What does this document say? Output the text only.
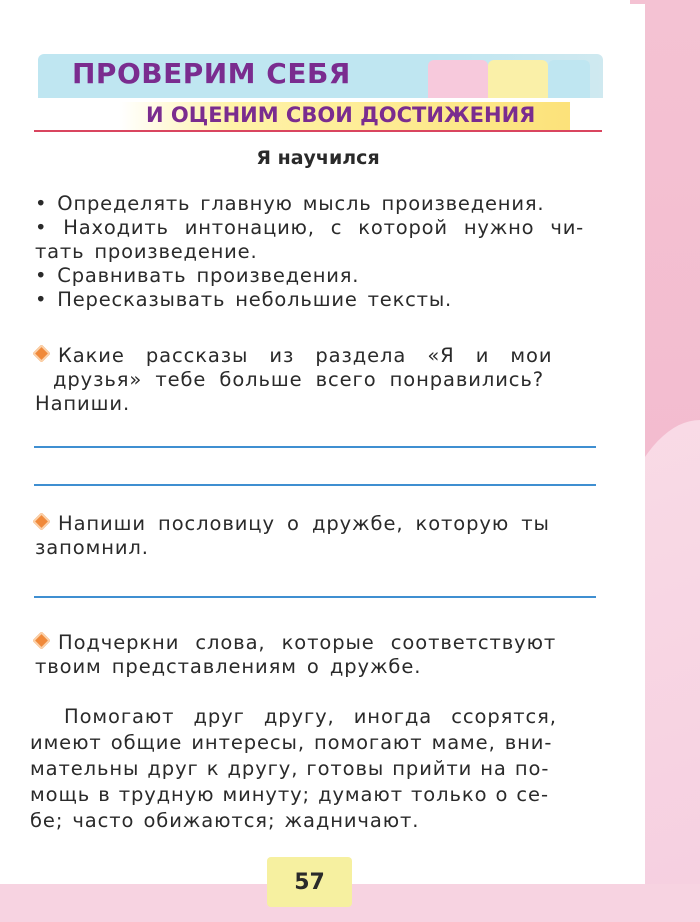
ПРОВЕРИМ СЕБЯ
И ОЦЕНИМ СВОИ ДОСТИЖЕНИЯ
Я научился
• Определять главную мысль произведения.
• Находить интонацию, с которой нужно чи-
тать произведение.
• Сравнивать произведения.
• Пересказывать небольшие тексты.
Какие рассказы из раздела «Я и мои
друзья» тебе больше всего понравились?
Напиши.
Напиши пословицу о дружбе, которую ты
запомнил.
Подчеркни слова, которые соответствуют
твоим представлениям о дружбе.
Помогают друг другу, иногда ссорятся,
имеют общие интересы, помогают маме, вни-
мательны друг к другу, готовы прийти на по-
мощь в трудную минуту; думают только о се-
бе; часто обижаются; жадничают.
57
